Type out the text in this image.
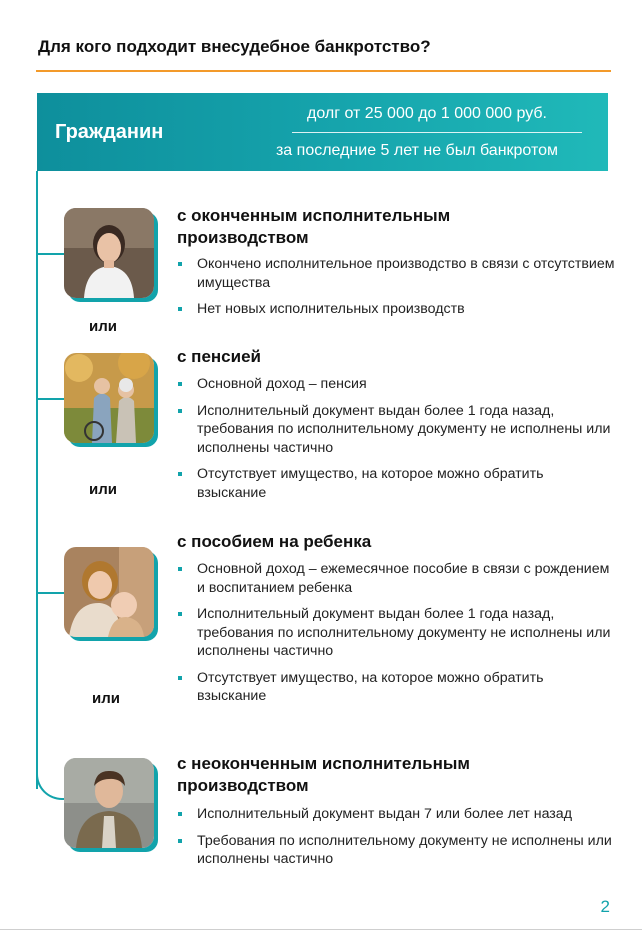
Для кого подходит внесудебное банкротство?
Гражданин
долг от 25 000 до 1 000 000 руб.
за последние 5 лет не был банкротом
или
с оконченным исполнительным производством
Окончено исполнительное производство в связи с отсутствием имущества
Нет новых исполнительных производств
или
с пенсией
Основной доход – пенсия
Исполнительный документ выдан более 1 года назад, требования по исполнительному документу не исполнены или исполнены частично
Отсутствует имущество, на которое можно обратить взыскание
или
с пособием на ребенка
Основной доход – ежемесячное пособие в связи с рождением и воспитанием ребенка
Исполнительный документ выдан более 1 года назад, требования по исполнительному документу не исполнены или исполнены частично
Отсутствует имущество, на которое можно обратить взыскание
с неоконченным исполнительным производством
Исполнительный документ выдан 7 или более лет назад
Требования по исполнительному документу не исполнены или исполнены частично
2
